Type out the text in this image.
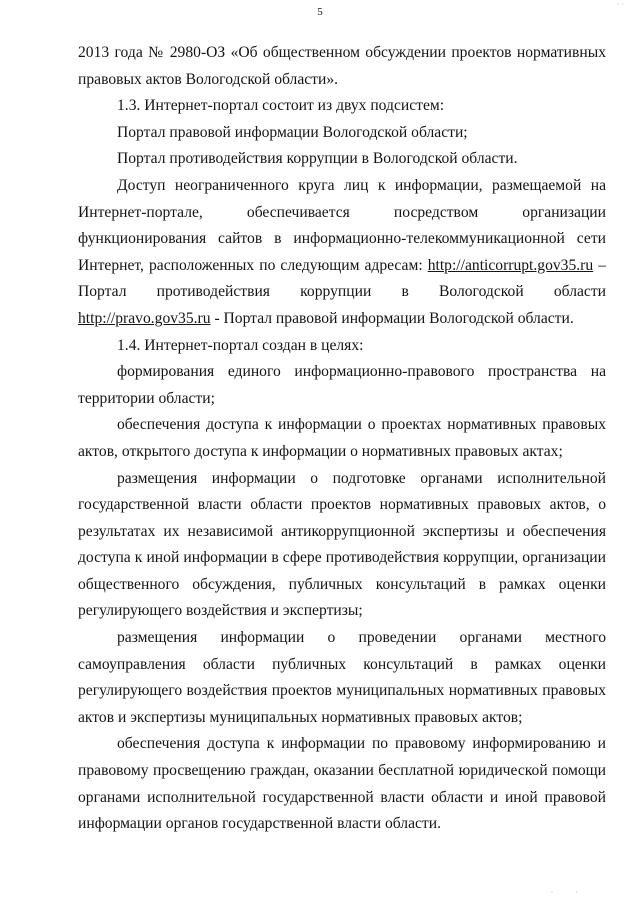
5

2013 года № 2980-ОЗ «Об общественном обсуждении проектов нормативных правовых актов Вологодской области».

1.3. Интернет-портал состоит из двух подсистем:

Портал правовой информации Вологодской области;

Портал противодействия коррупции в Вологодской области.

Доступ неограниченного круга лиц к информации, размещаемой на Интернет-портале, обеспечивается посредством организации функционирования сайтов в информационно-телекоммуникационной сети Интернет, расположенных по следующим адресам: http://anticorrupt.gov35.ru – Портал противодействия коррупции в Вологодской области http://pravo.gov35.ru - Портал правовой информации Вологодской области.

1.4. Интернет-портал создан в целях:

формирования единого информационно-правового пространства на территории области;

обеспечения доступа к информации о проектах нормативных правовых актов, открытого доступа к информации о нормативных правовых актах;

размещения информации о подготовке органами исполнительной государственной власти области проектов нормативных правовых актов, о результатах их независимой антикоррупционной экспертизы и обеспечения доступа к иной информации в сфере противодействия коррупции, организации общественного обсуждения, публичных консультаций в рамках оценки регулирующего воздействия и экспертизы;

размещения информации о проведении органами местного самоуправления области публичных консультаций в рамках оценки регулирующего воздействия проектов муниципальных нормативных правовых актов и экспертизы муниципальных нормативных правовых актов;

обеспечения доступа к информации по правовому информированию и правовому просвещению граждан, оказании бесплатной юридической помощи органами исполнительной государственной власти области и иной правовой информации органов государственной власти области.

· ·
· ·
